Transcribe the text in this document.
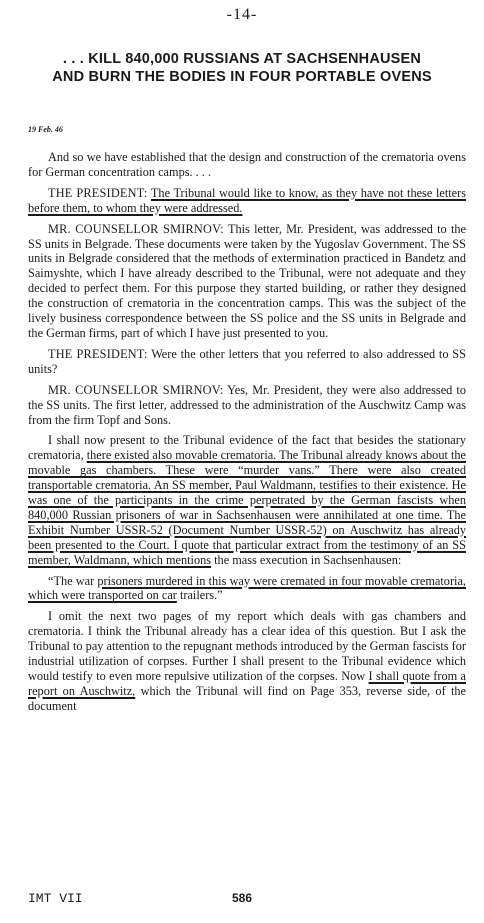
-14-
. . . KILL 840,000 RUSSIANS AT SACHSENHAUSEN
AND BURN THE BODIES IN FOUR PORTABLE OVENS
19 Feb. 46

And so we have established that the design and construction of the crematoria ovens for German concentration camps. . . .

THE PRESIDENT: The Tribunal would like to know, as they have not these letters before them, to whom they were addressed.

MR. COUNSELLOR SMIRNOV: This letter, Mr. President, was addressed to the SS units in Belgrade. These documents were taken by the Yugoslav Government. The SS units in Belgrade considered that the methods of extermination practiced in Bandetz and Saimyshte, which I have already described to the Tribunal, were not adequate and they decided to perfect them. For this purpose they started building, or rather they designed the construction of crematoria in the concentration camps. This was the subject of the lively business correspondence between the SS police and the SS units in Belgrade and the German firms, part of which I have just presented to you.

THE PRESIDENT: Were the other letters that you referred to also addressed to SS units?

MR. COUNSELLOR SMIRNOV: Yes, Mr. President, they were also addressed to the SS units. The first letter, addressed to the administration of the Auschwitz Camp was from the firm Topf and Sons.

I shall now present to the Tribunal evidence of the fact that besides the stationary crematoria, there existed also movable crematoria. The Tribunal already knows about the movable gas chambers. These were “murder vans.” There were also created transportable crematoria. An SS member, Paul Waldmann, testifies to their existence. He was one of the participants in the crime perpetrated by the German fascists when 840,000 Russian prisoners of war in Sachsenhausen were annihilated at one time. The Exhibit Number USSR-52 (Document Number USSR-52) on Auschwitz has already been presented to the Court. I quote that particular extract from the testimony of an SS member, Waldmann, which mentions the mass execution in Sachsenhausen:

“The war prisoners murdered in this way were cremated in four movable crematoria, which were transported on car trailers.”

I omit the next two pages of my report which deals with gas chambers and crematoria. I think the Tribunal already has a clear idea of this question. But I ask the Tribunal to pay attention to the repugnant methods introduced by the German fascists for industrial utilization of corpses. Further I shall present to the Tribunal evidence which would testify to even more repulsive utilization of the corpses. Now I shall quote from a report on Auschwitz, which the Tribunal will find on Page 353, reverse side, of the document

IMT VII	586
